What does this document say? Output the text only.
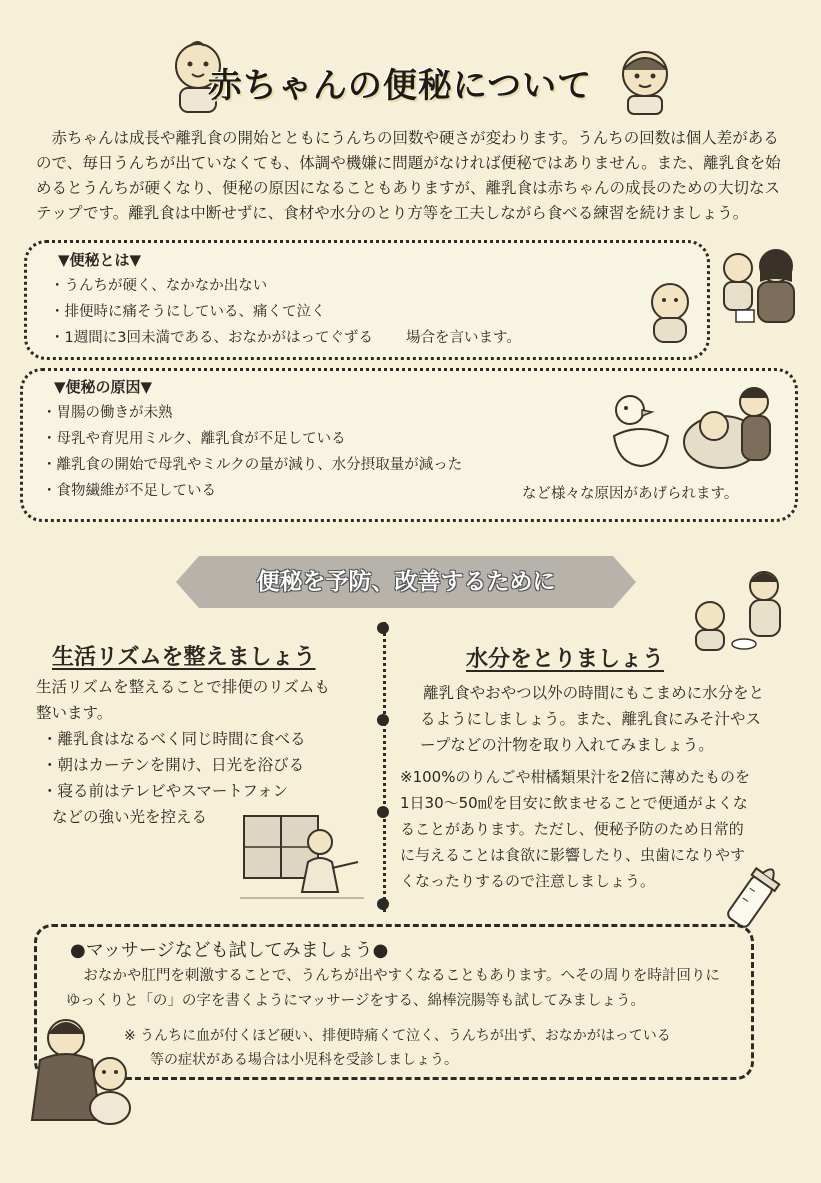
赤ちゃんの便秘について
赤ちゃんは成長や離乳食の開始とともにうんちの回数や硬さが変わります。うんちの回数は個人差があるので、毎日うんちが出ていなくても、体調や機嫌に問題がなければ便秘ではありません。また、離乳食を始めるとうんちが硬くなり、便秘の原因になることもありますが、離乳食は赤ちゃんの成長のための大切なステップです。離乳食は中断せずに、食材や水分のとり方等を工夫しながら食べる練習を続けましょう。
▼便秘とは▼
・うんちが硬く、なかなか出ない
・排便時に痛そうにしている、痛くて泣く
・1週間に3回未満である、おなかがはってぐずる 場合を言います。
▼便秘の原因▼
・胃腸の働きが未熟
・母乳や育児用ミルク、離乳食が不足している
・離乳食の開始で母乳やミルクの量が減り、水分摂取量が減った
・食物繊維が不足している	など様々な原因があげられます。
便秘を予防、改善するために
生活リズムを整えましょう
生活リズムを整えることで排便のリズムも
整います。
・離乳食はなるべく同じ時間に食べる
・朝はカーテンを開け、日光を浴びる
・寝る前はテレビやスマートフォン
などの強い光を控える
水分をとりましょう
離乳食やおやつ以外の時間にもこまめに水分をとるようにしましょう。また、離乳食にみそ汁やスープなどの汁物を取り入れてみましょう。
※100%のりんごや柑橘類果汁を2倍に薄めたものを1日30～50㎖を目安に飲ませることで便通がよくなることがあります。ただし、便秘予防のため日常的に与えることは食欲に影響したり、虫歯になりやすくなったりするので注意しましょう。
●マッサージなども試してみましょう●
おなかや肛門を刺激することで、うんちが出やすくなることもあります。へその周りを時計回りにゆっくりと「の」の字を書くようにマッサージをする、綿棒浣腸等も試してみましょう。
※ うんちに血が付くほど硬い、排便時痛くて泣く、うんちが出ず、おなかがはっている
等の症状がある場合は小児科を受診しましょう。
